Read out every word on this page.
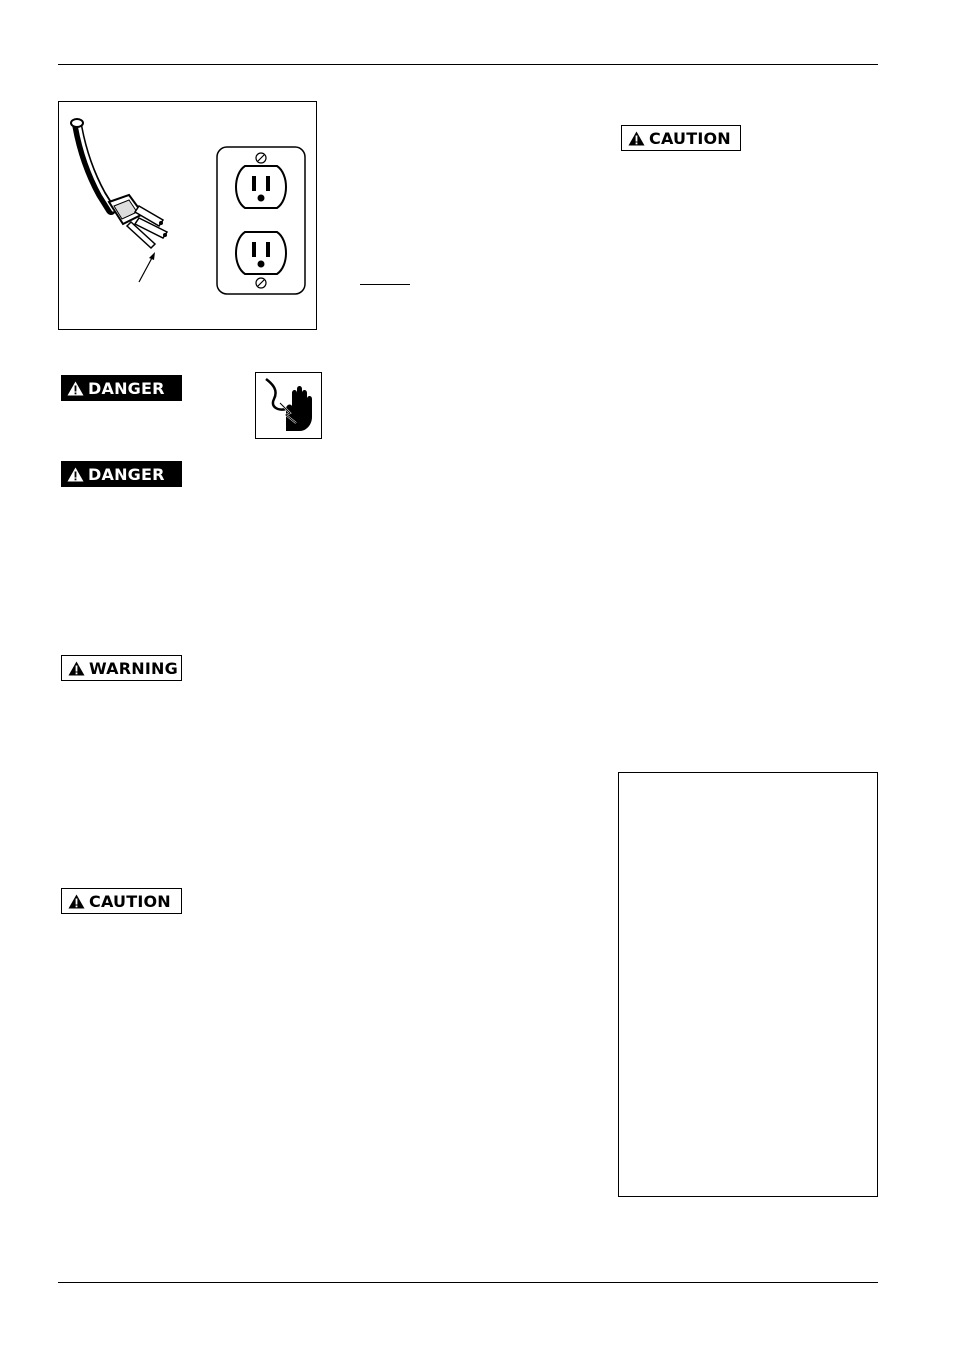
CAUTION
DANGER
DANGER
WARNING
CAUTION
